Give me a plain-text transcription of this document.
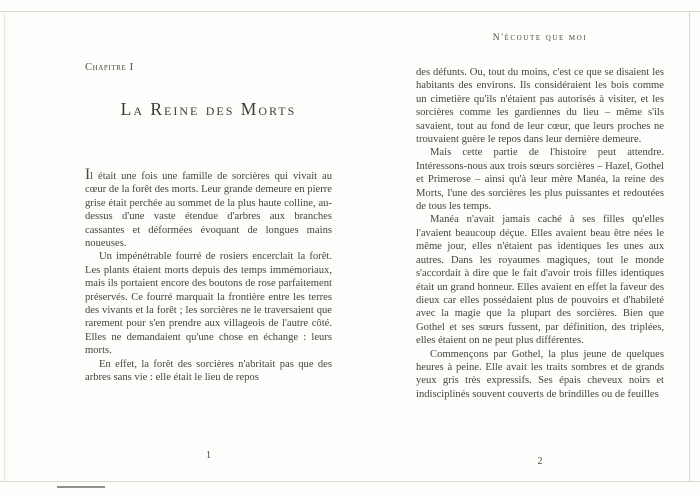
Chapitre I
La Reine des Morts

Il était une fois une famille de sorcières qui vivait au cœur de la forêt des morts. Leur grande demeure en pierre grise était perchée au sommet de la plus haute colline, au-dessus d'une vaste étendue d'arbres aux branches cassantes et déformées évoquant de longues mains noueuses.

Un impénétrable fourré de rosiers encerclait la forêt. Les plants étaient morts depuis des temps immémoriaux, mais ils portaient encore des boutons de rose parfaitement préservés. Ce fourré marquait la frontière entre les terres des vivants et la forêt ; les sorcières ne le traversaient que rarement pour s'en prendre aux villageois de l'autre côté. Elles ne demandaient qu'une chose en échange : leurs morts.

En effet, la forêt des sorcières n'abritait pas que des arbres sans vie : elle était le lieu de repos

1
N'écoute que moi

des défunts. Ou, tout du moins, c'est ce que se disaient les habitants des environs. Ils considéraient les bois comme un cimetière qu'ils n'étaient pas autorisés à visiter, et les sorcières comme les gardiennes du lieu – même s'ils savaient, tout au fond de leur cœur, que leurs proches ne trouvaient guère le repos dans leur dernière demeure.

Mais cette partie de l'histoire peut attendre. Intéressons-nous aux trois sœurs sorcières – Hazel, Gothel et Primerose – ainsi qu'à leur mère Manéa, la reine des Morts, l'une des sorcières les plus puissantes et redoutées de tous les temps.

Manéa n'avait jamais caché à ses filles qu'elles l'avaient beaucoup déçue. Elles avaient beau être nées le même jour, elles n'étaient pas identiques les unes aux autres. Dans les royaumes magiques, tout le monde s'accordait à dire que le fait d'avoir trois filles identiques était un grand honneur. Elles avaient en effet la faveur des dieux car elles possédaient plus de pouvoirs et d'habileté avec la magie que la plupart des sorcières. Bien que Gothel et ses sœurs fussent, par définition, des triplées, elles étaient on ne peut plus différentes.

Commençons par Gothel, la plus jeune de quelques heures à peine. Elle avait les traits sombres et de grands yeux gris très expressifs. Ses épais cheveux noirs et indisciplinés souvent couverts de brindilles ou de feuilles

2
